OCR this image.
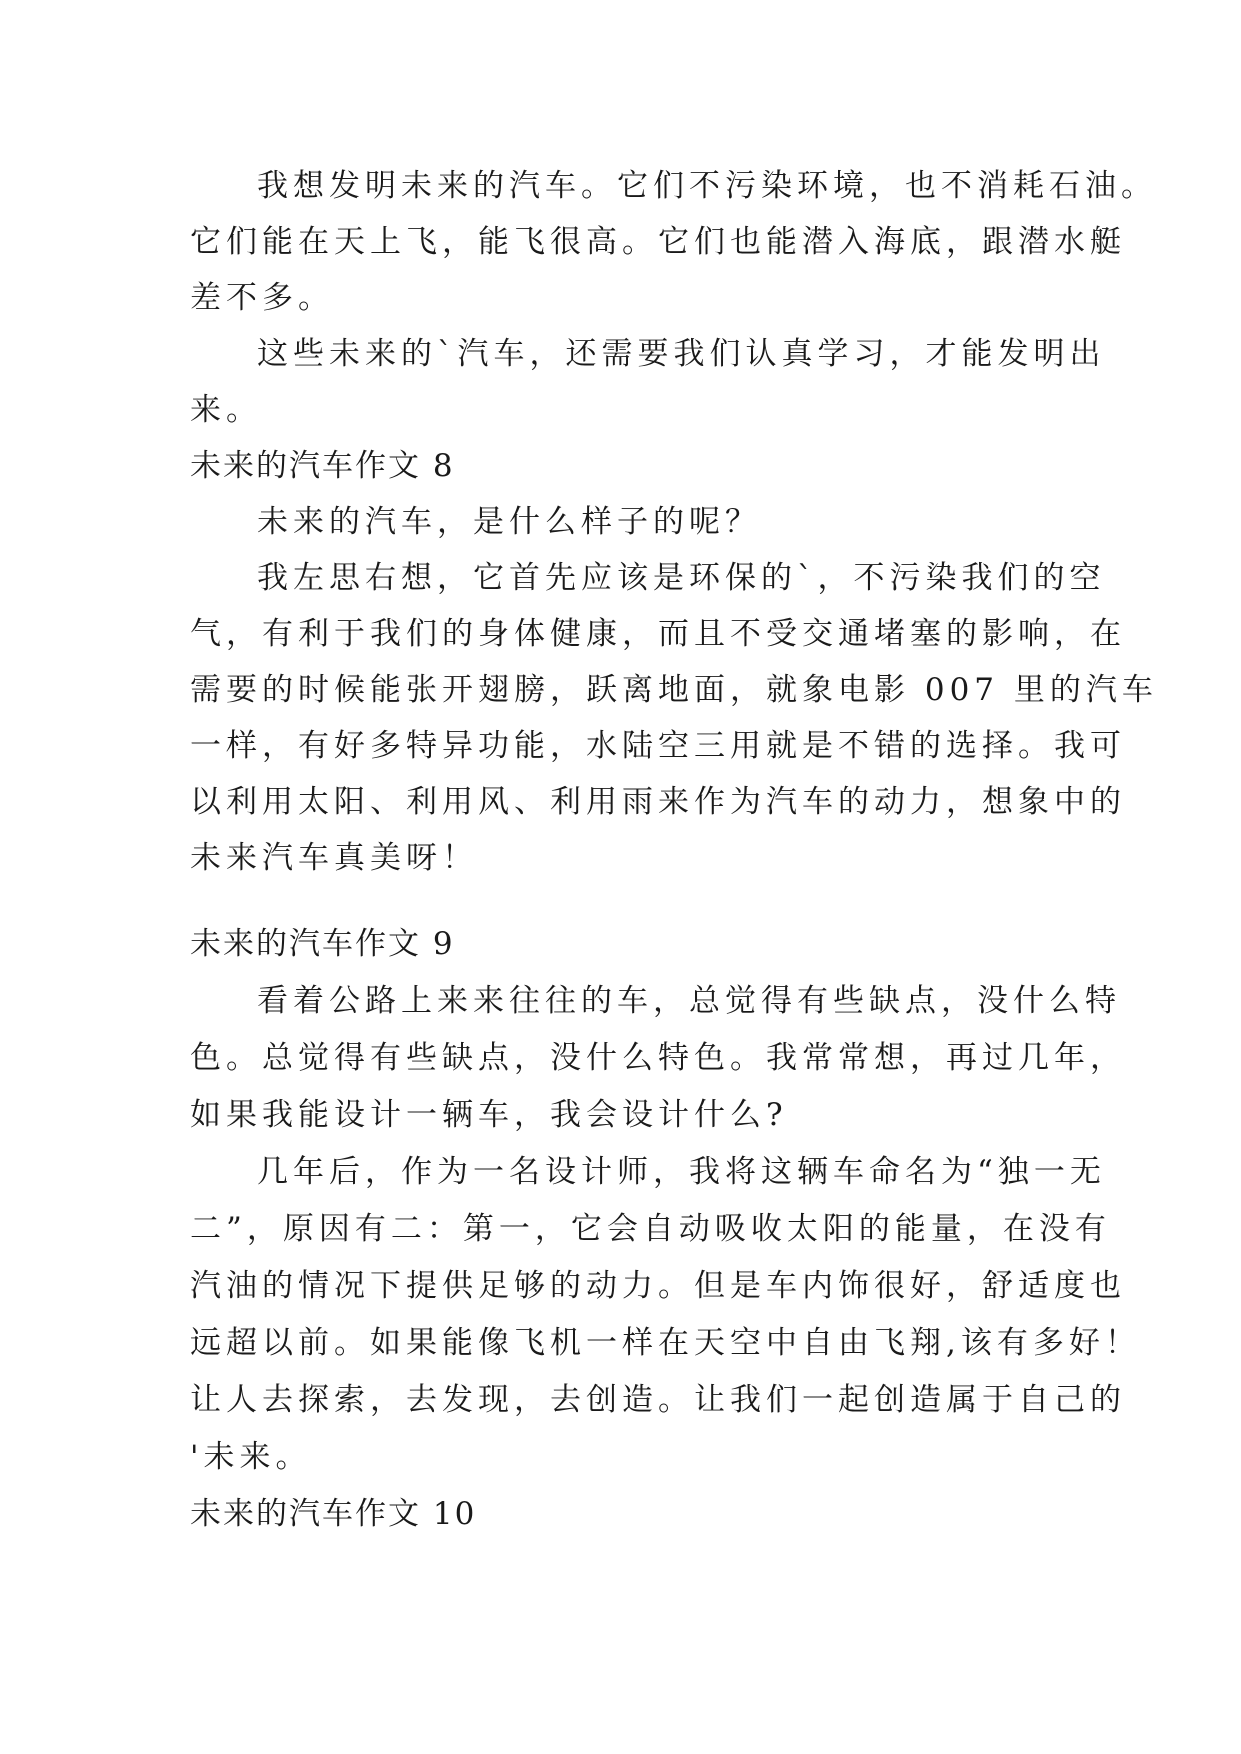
我想发明未来的汽车。它们不污染环境，也不消耗石油。
它们能在天上飞，能飞很高。它们也能潜入海底，跟潜水艇
差不多。
这些未来的`汽车，还需要我们认真学习，才能发明出
来。
未来的汽车作文 8
未来的汽车，是什么样子的呢？
我左思右想，它首先应该是环保的`，不污染我们的空
气，有利于我们的身体健康，而且不受交通堵塞的影响，在
需要的时候能张开翅膀，跃离地面，就象电影 007 里的汽车
一样，有好多特异功能，水陆空三用就是不错的选择。我可
以利用太阳、利用风、利用雨来作为汽车的动力，想象中的
未来汽车真美呀！
未来的汽车作文 9
看着公路上来来往往的车，总觉得有些缺点，没什么特
色。总觉得有些缺点，没什么特色。我常常想，再过几年，
如果我能设计一辆车，我会设计什么?
几年后，作为一名设计师，我将这辆车命名为“独一无
二”，原因有二：第一，它会自动吸收太阳的能量，在没有
汽油的情况下提供足够的动力。但是车内饰很好，舒适度也
远超以前。如果能像飞机一样在天空中自由飞翔,该有多好！
让人去探索，去发现，去创造。让我们一起创造属于自己的
'未来。
未来的汽车作文 10
